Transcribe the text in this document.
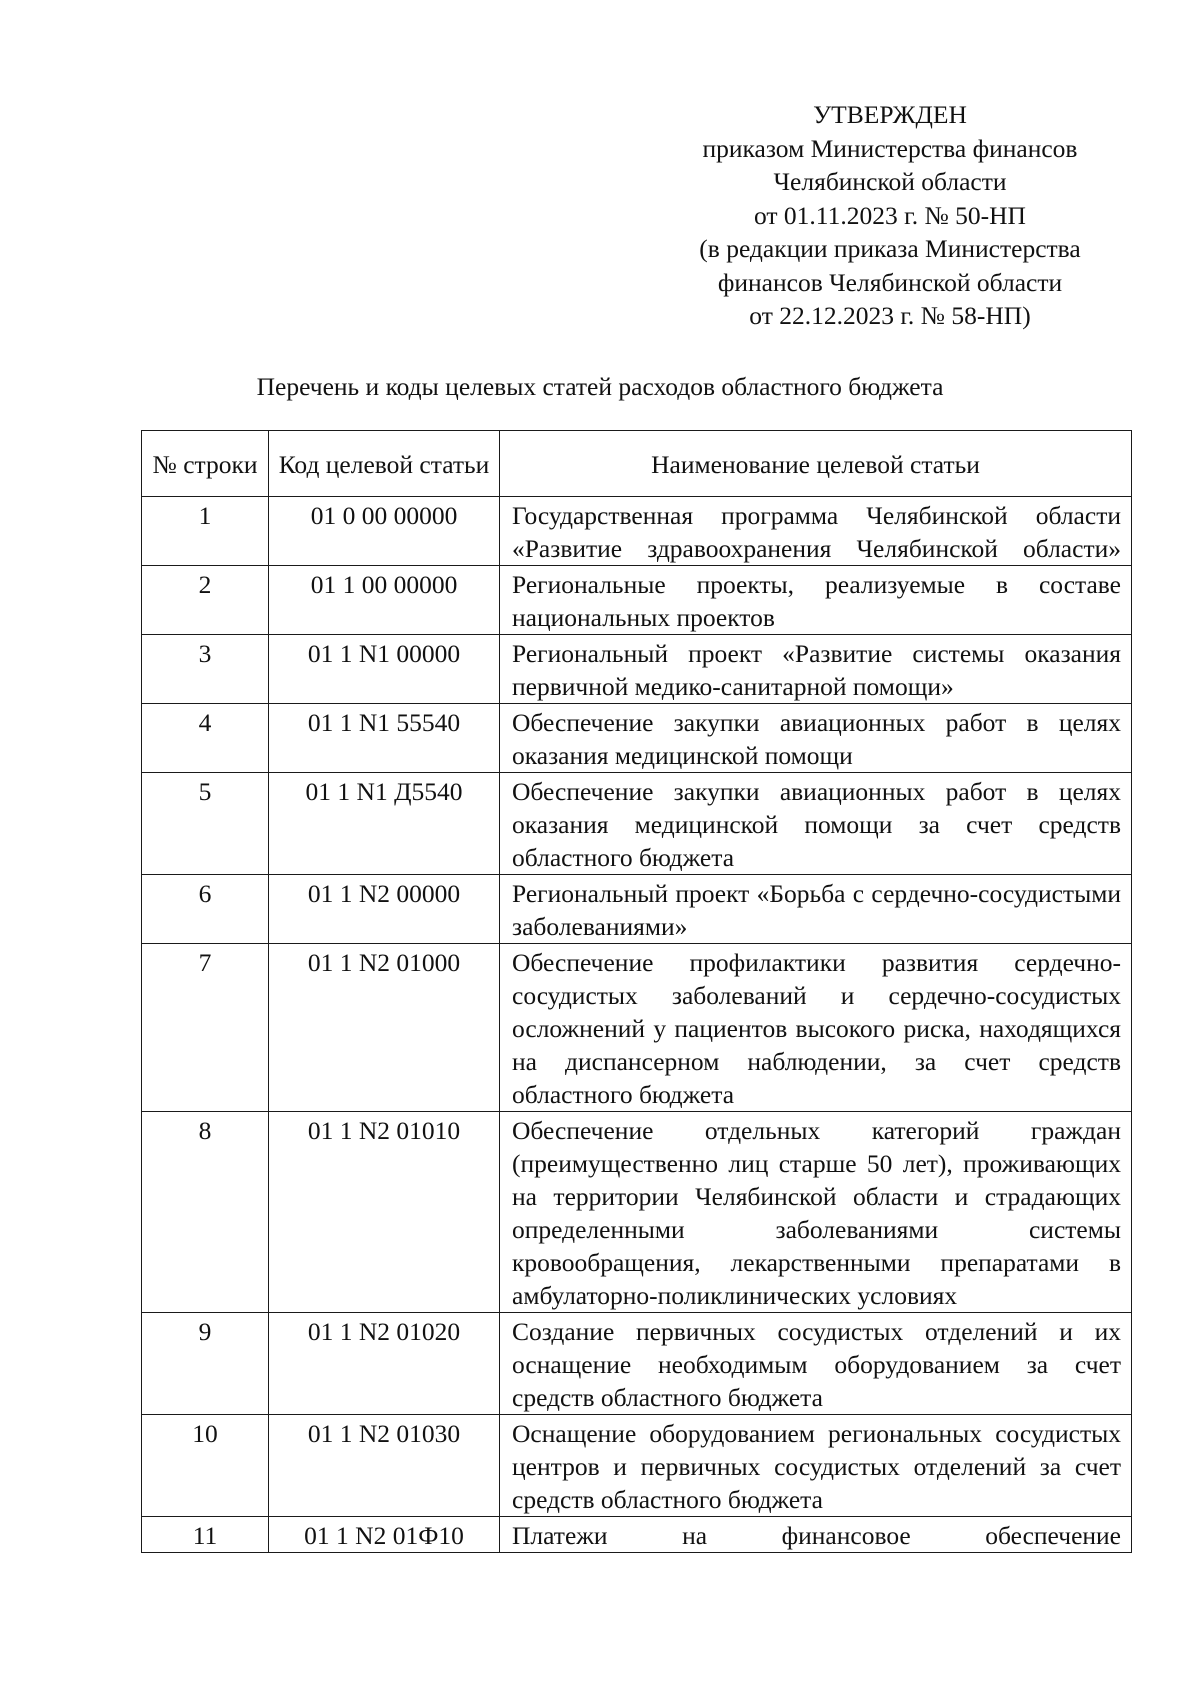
УТВЕРЖДЕН
приказом Министерства финансов
Челябинской области
от 01.11.2023 г. № 50-НП
(в редакции приказа Министерства
финансов Челябинской области
от 22.12.2023 г. № 58-НП)
Перечень и коды целевых статей расходов областного бюджета
№ строки	Код целевой статьи	Наименование целевой статьи
1	01 0 00 00000	Государственная программа Челябинской области «Развитие здравоохранения Челябинской области»
2	01 1 00 00000	Региональные проекты, реализуемые в составе национальных проектов
3	01 1 N1 00000	Региональный проект «Развитие системы оказания первичной медико-санитарной помощи»
4	01 1 N1 55540	Обеспечение закупки авиационных работ в целях оказания медицинской помощи
5	01 1 N1 Д5540	Обеспечение закупки авиационных работ в целях оказания медицинской помощи за счет средств областного бюджета
6	01 1 N2 00000	Региональный проект «Борьба с сердечно-сосудистыми заболеваниями»
7	01 1 N2 01000	Обеспечение профилактики развития сердечно-сосудистых заболеваний и сердечно-сосудистых осложнений у пациентов высокого риска, находящихся на диспансерном наблюдении, за счет средств областного бюджета
8	01 1 N2 01010	Обеспечение отдельных категорий граждан (преимущественно лиц старше 50 лет), проживающих на территории Челябинской области и страдающих определенными заболеваниями системы кровообращения, лекарственными препаратами в амбулаторно-поликлинических условиях
9	01 1 N2 01020	Создание первичных сосудистых отделений и их оснащение необходимым оборудованием за счет средств областного бюджета
10	01 1 N2 01030	Оснащение оборудованием региональных сосудистых центров и первичных сосудистых отделений за счет средств областного бюджета
11	01 1 N2 01Ф10	Платежи на финансовое обеспечение
